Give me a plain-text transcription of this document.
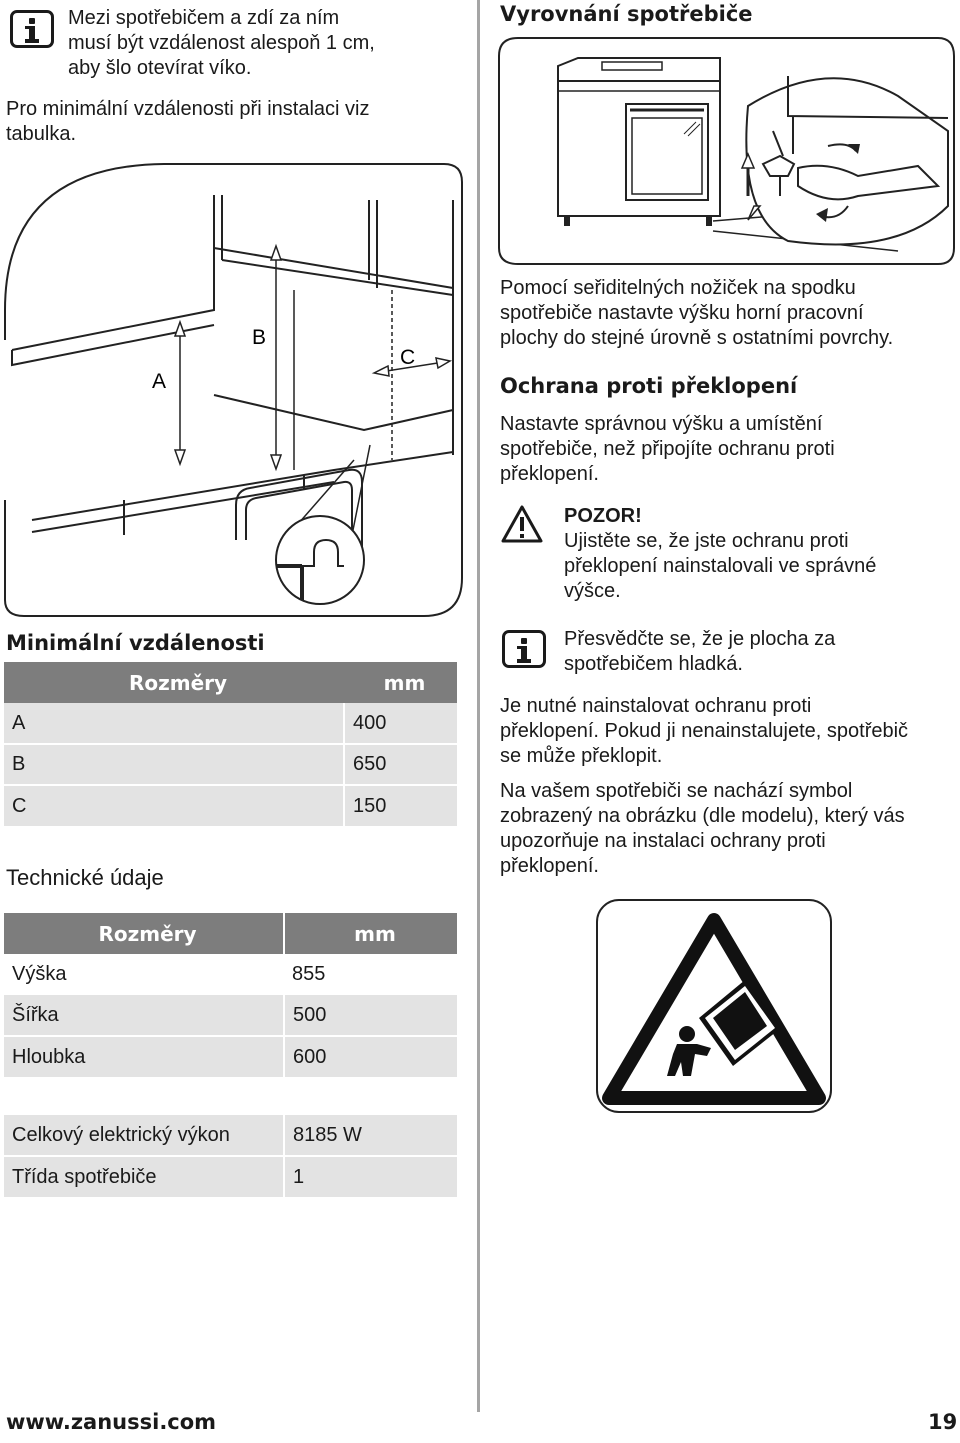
Mezi spotřebičem a zdí za ním
musí být vzdálenost alespoň 1 cm,
aby šlo otevírat víko.
Pro minimální vzdálenosti při instalaci viz
tabulka.
A
B
C
Minimální vzdálenosti
Rozměry	mm
A	400
B	650
C	150
Technické údaje
Rozměry	mm
Výška	855
Šířka	500
Hloubka	600
Celkový elektrický výkon	8185 W
Třída spotřebiče	1
Vyrovnání spotřebiče
Pomocí seřiditelných nožiček na spodku
spotřebiče nastavte výšku horní pracovní
plochy do stejné úrovně s ostatními povrchy.
Ochrana proti překlopení
Nastavte správnou výšku a umístění
spotřebiče, než připojíte ochranu proti
překlopení.
POZOR!
Ujistěte se, že jste ochranu proti
překlopení nainstalovali ve správné
výšce.
Přesvědčte se, že je plocha za
spotřebičem hladká.
Je nutné nainstalovat ochranu proti
překlopení. Pokud ji nenainstalujete, spotřebič
se může překlopit.
Na vašem spotřebiči se nachází symbol
zobrazený na obrázku (dle modelu), který vás
upozorňuje na instalaci ochrany proti
překlopení.
www.zanussi.com	19
